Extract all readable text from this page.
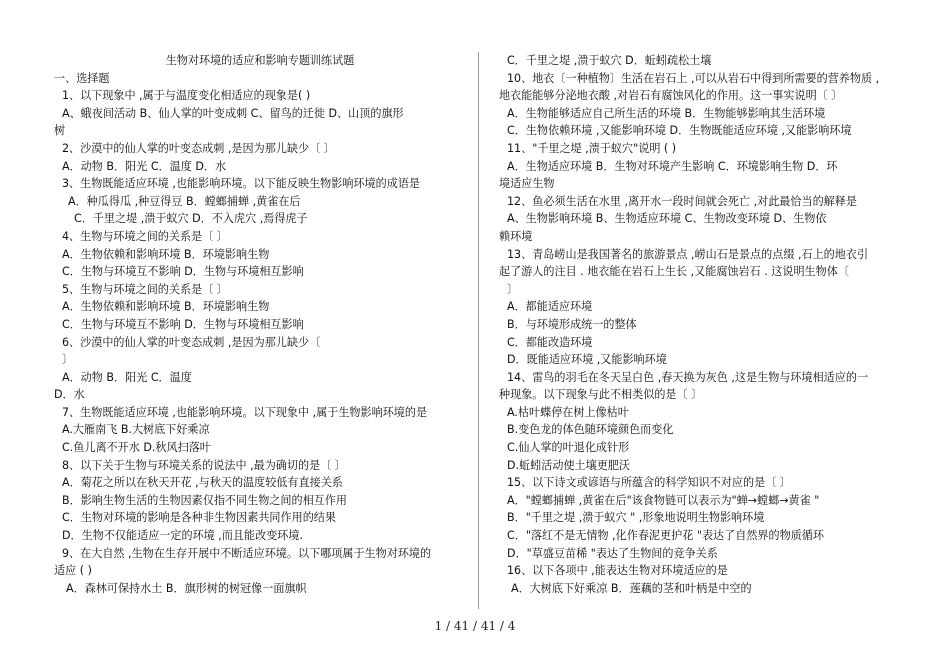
生物对环境的适应和影响专题训练试题
一、选择题
1、以下现象中 ,属于与温度变化相适应的现象是( )
A、蛾夜间活动 B、仙人掌的叶变成刺 C、留鸟的迁徙 D、山顶的旗形
树
2、沙漠中的仙人掌的叶变态成刺 ,是因为那儿缺少〔 〕
A．动物 B．阳光 C．温度 D．水
3、生物既能适应环境 ,也能影响环境。以下能反映生物影响环境的成语是
A．种瓜得瓜 ,种豆得豆 B．螳螂捕蝉 ,黄雀在后
C．千里之堤 ,溃于蚁穴 D．不入虎穴 ,焉得虎子
4、生物与环境之间的关系是〔 〕
A．生物依赖和影响环境 B．环境影响生物
C．生物与环境互不影响 D．生物与环境相互影响
5、生物与环境之间的关系是〔 〕
A．生物依赖和影响环境 B．环境影响生物
C．生物与环境互不影响 D．生物与环境相互影响
6、沙漠中的仙人掌的叶变态成刺 ,是因为那儿缺少〔
〕
A．动物 B．阳光 C．温度
D．水
7、生物既能适应环境 ,也能影响环境。以下现象中 ,属于生物影响环境的是
A.大雁南飞 B.大树底下好乘凉
C.鱼儿离不开水 D.秋风扫落叶
8、以下关于生物与环境关系的说法中 ,最为确切的是〔 〕
A．菊花之所以在秋天开花 ,与秋天的温度较低有直接关系
B．影响生物生活的生物因素仅指不同生物之间的相互作用
C．生物对环境的影响是各种非生物因素共同作用的结果
D．生物不仅能适应一定的环境 ,而且能改变环境.
9、在大自然 ,生物在生存开展中不断适应环境。以下哪项属于生物对环境的
适应 ( )
A．森林可保持水土 B．旗形树的树冠像一面旗帜
C．千里之堤 ,溃于蚁穴 D．蚯蚓疏松土壤
10、地衣〔一种植物〕生活在岩石上 ,可以从岩石中得到所需要的营养物质 ,
地衣能能够分泌地衣酸 ,对岩石有腐蚀风化的作用。这一事实说明〔 〕
A．生物能够适应自己所生活的环境 B．生物能够影响其生活环境
C．生物依赖环境 ,又能影响环境 D．生物既能适应环境 ,又能影响环境
11、"千里之堤 ,溃于蚁穴"说明 ( )
A．生物适应环境 B．生物对环境产生影响 C．环境影响生物 D．环
境适应生物
12、鱼必须生活在水里 ,离开水一段时间就会死亡 ,对此最恰当的解释是
A、生物影响环境 B、生物适应环境 C、生物改变环境 D、生物依
赖环境
13、青岛崂山是我国著名的旅游景点 ,崂山石是景点的点缀 ,石上的地衣引
起了游人的注目 . 地衣能在岩石上生长 ,又能腐蚀岩石 . 这说明生物体〔
〕
A．都能适应环境
B．与环境形成统一的整体
C．都能改造环境
D．既能适应环境 ,又能影响环境
14、雷鸟的羽毛在冬天呈白色 ,春天换为灰色 ,这是生物与环境相适应的一
种现象。以下现象与此不相类似的是〔 〕
A.枯叶蝶停在树上像枯叶
B.变色龙的体色随环境颜色而变化
C.仙人掌的叶退化成针形
D.蚯蚓活动使土壤更肥沃
15、以下诗文或谚语与所蕴含的科学知识不对应的是〔 〕
A．"螳螂捕蝉 ,黄雀在后"该食物链可以表示为"蝉→螳螂→黄雀 "
B．"千里之堤 ,溃于蚁穴 " ,形象地说明生物影响环境
C．"落红不是无情物 ,化作春泥更护花 "表达了自然界的物质循环
D．"草盛豆苗稀 "表达了生物间的竞争关系
16、以下各项中 ,能表达生物对环境适应的是
A．大树底下好乘凉 B．莲藕的茎和叶柄是中空的
1 / 41 / 41 / 4
